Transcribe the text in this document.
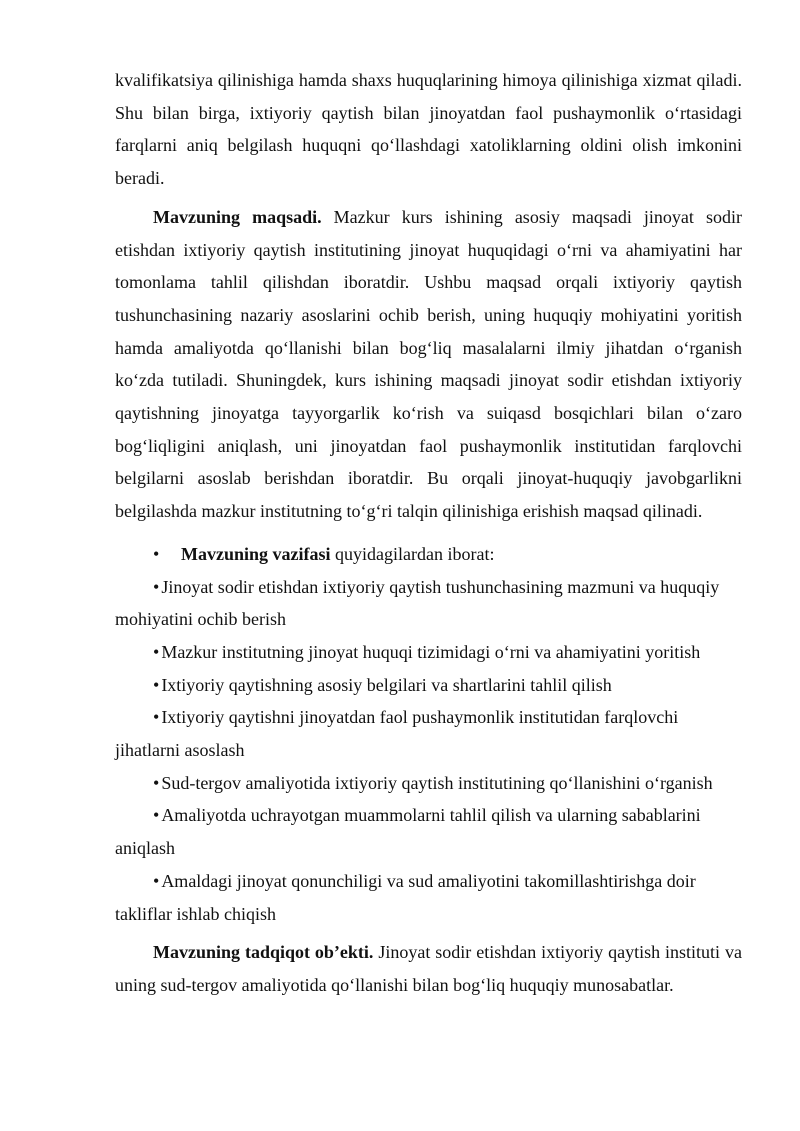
kvalifikatsiya qilinishiga hamda shaxs huquqlarining himoya qilinishiga xizmat qiladi. Shu bilan birga, ixtiyoriy qaytish bilan jinoyatdan faol pushaymonlik o‘rtasidagi farqlarni aniq belgilash huquqni qo‘llashdagi xatoliklarning oldini olish imkonini beradi.

Mavzuning maqsadi. Mazkur kurs ishining asosiy maqsadi jinoyat sodir etishdan ixtiyoriy qaytish institutining jinoyat huquqidagi o‘rni va ahamiyatini har tomonlama tahlil qilishdan iboratdir. Ushbu maqsad orqali ixtiyoriy qaytish tushunchasining nazariy asoslarini ochib berish, uning huquqiy mohiyatini yoritish hamda amaliyotda qo‘llanishi bilan bog‘liq masalalarni ilmiy jihatdan o‘rganish ko‘zda tutiladi. Shuningdek, kurs ishining maqsadi jinoyat sodir etishdan ixtiyoriy qaytishning jinoyatga tayyorgarlik ko‘rish va suiqasd bosqichlari bilan o‘zaro bog‘liqligini aniqlash, uni jinoyatdan faol pushaymonlik institutidan farqlovchi belgilarni asoslab berishdan iboratdir. Bu orqali jinoyat-huquqiy javobgarlikni belgilashda mazkur institutning to‘g‘ri talqin qilinishiga erishish maqsad qilinadi.

• Mavzuning vazifasi quyidagilardan iborat:

• Jinoyat sodir etishdan ixtiyoriy qaytish tushunchasining mazmuni va huquqiy mohiyatini ochib berish

• Mazkur institutning jinoyat huquqi tizimidagi o‘rni va ahamiyatini yoritish

• Ixtiyoriy qaytishning asosiy belgilari va shartlarini tahlil qilish

• Ixtiyoriy qaytishni jinoyatdan faol pushaymonlik institutidan farqlovchi jihatlarni asoslash

• Sud-tergov amaliyotida ixtiyoriy qaytish institutining qo‘llanishini o‘rganish

• Amaliyotda uchrayotgan muammolarni tahlil qilish va ularning sabablarini aniqlash

• Amaldagi jinoyat qonunchiligi va sud amaliyotini takomillashtirishga doir takliflar ishlab chiqish

Mavzuning tadqiqot ob’ekti. Jinoyat sodir etishdan ixtiyoriy qaytish instituti va uning sud-tergov amaliyotida qo‘llanishi bilan bog‘liq huquqiy munosabatlar.
